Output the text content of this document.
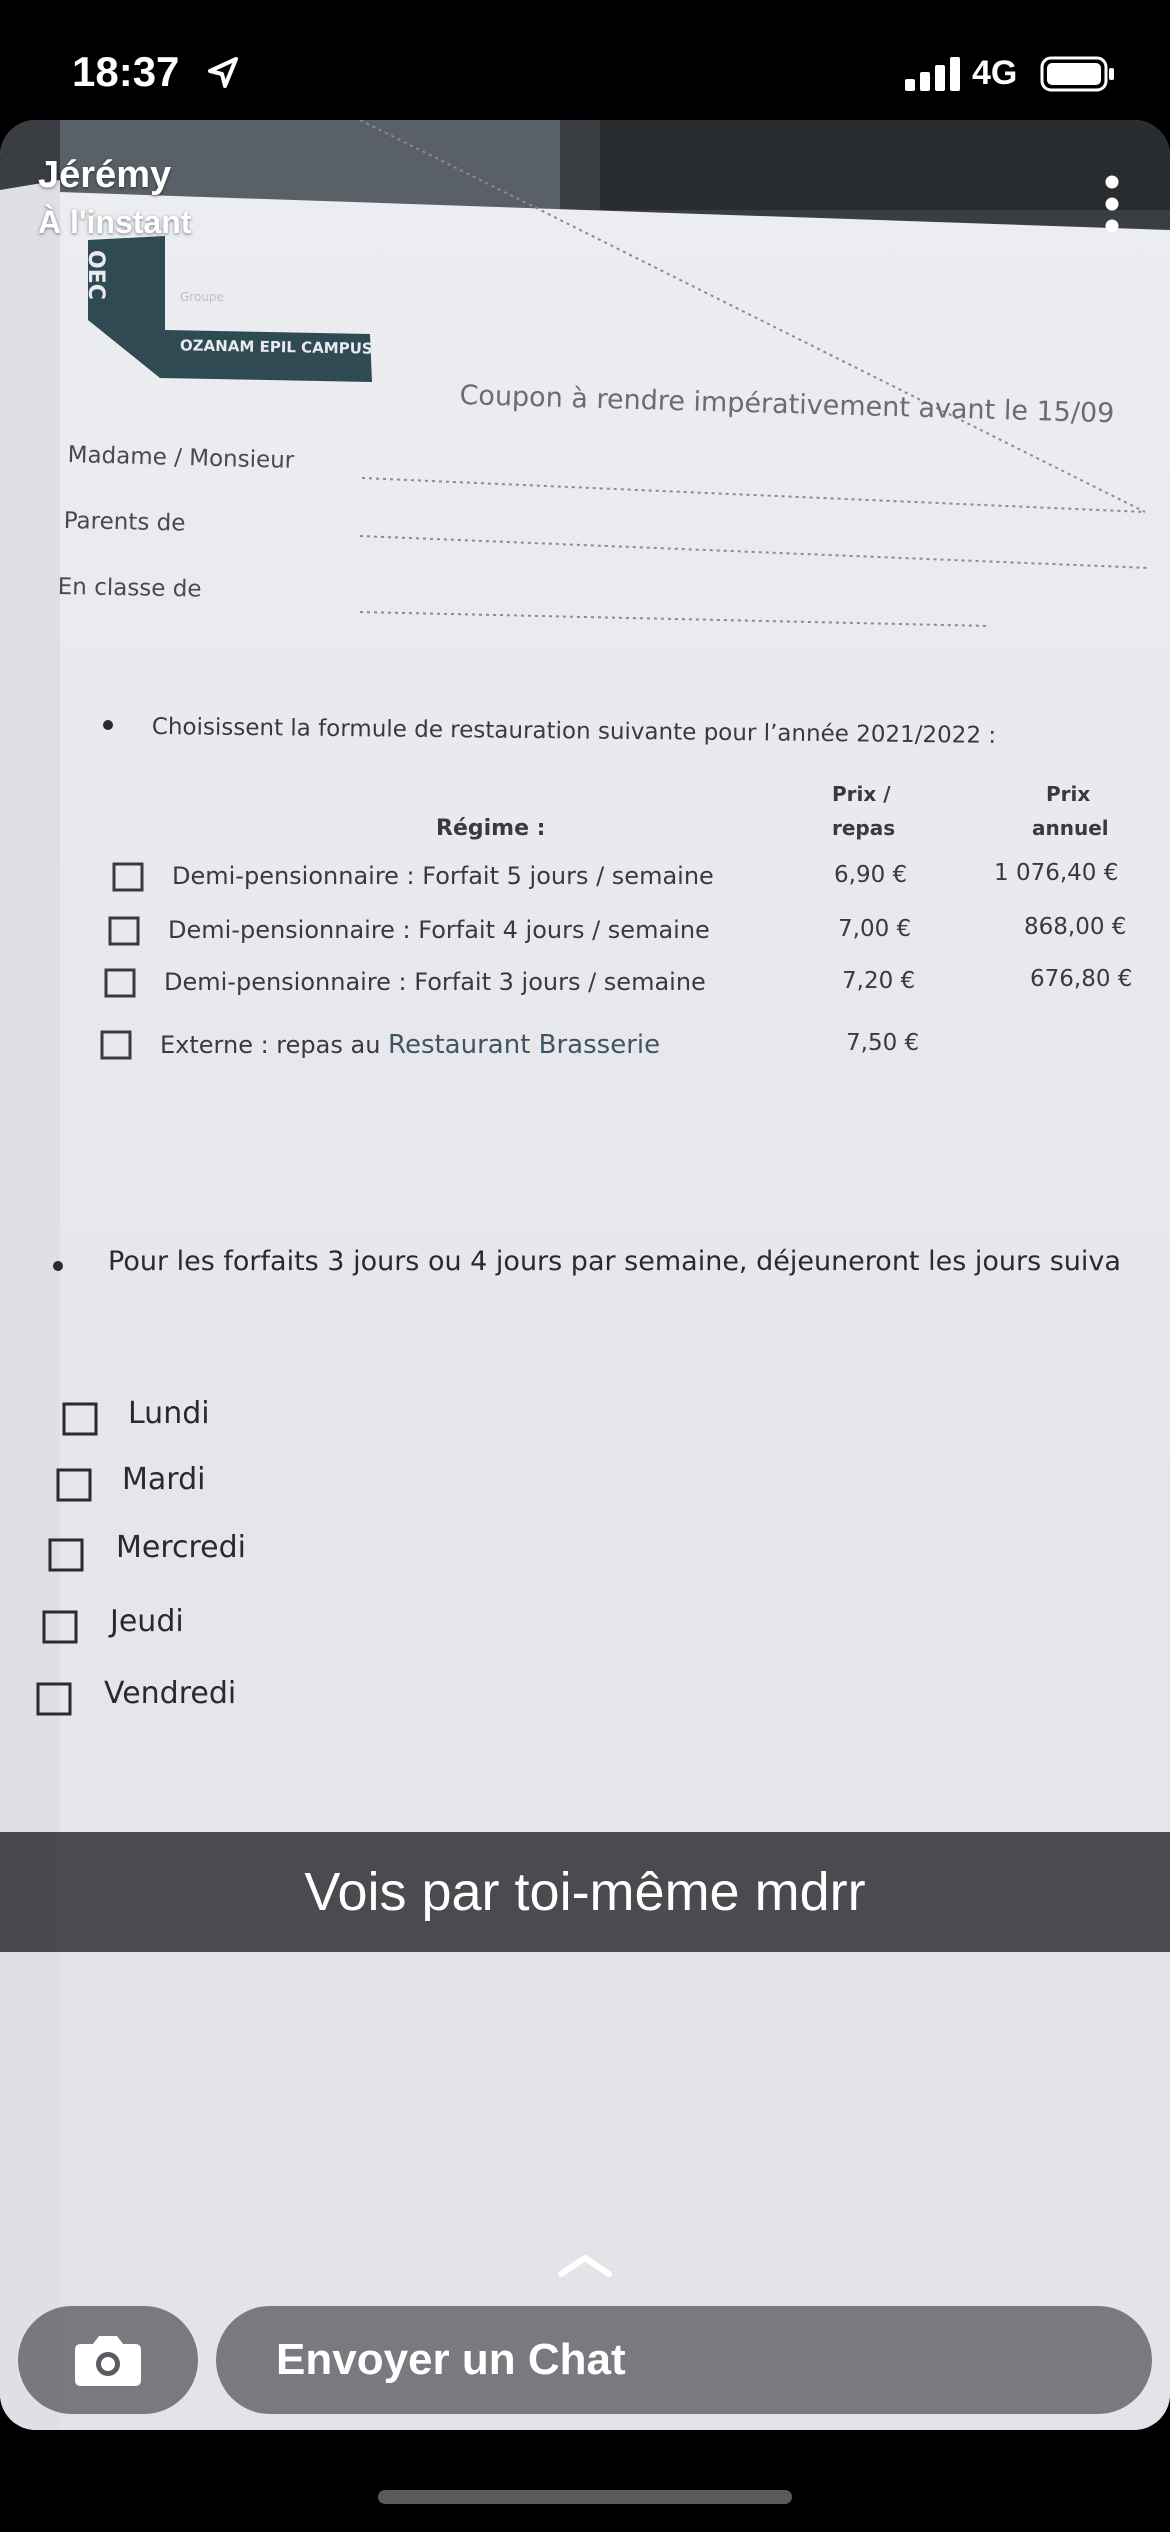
18:37	4G
OEC	Groupe
OZANAM EPIL CAMPUS
Coupon à rendre impérativement avant le 15/09
Madame / Monsieur
Parents de
En classe de
Choisissent la formule de restauration suivante pour l’année 2021/2022 :
Régime :
Prix /
repas
Prix
annuel
Demi-pensionnaire : Forfait 5 jours / semaine	6,90 €	1 076,40 €
Demi-pensionnaire : Forfait 4 jours / semaine	7,00 €	868,00 €
Demi-pensionnaire : Forfait 3 jours / semaine	7,20 €	676,80 €
Externe : repas au Restaurant Brasserie	7,50 €
Pour les forfaits 3 jours ou 4 jours par semaine, déjeuneront les jours suiva
Lundi
Mardi
Mercredi
Jeudi
Vendredi
Jérémy
À l'instant
Vois par toi-même mdrr
Envoyer un Chat
